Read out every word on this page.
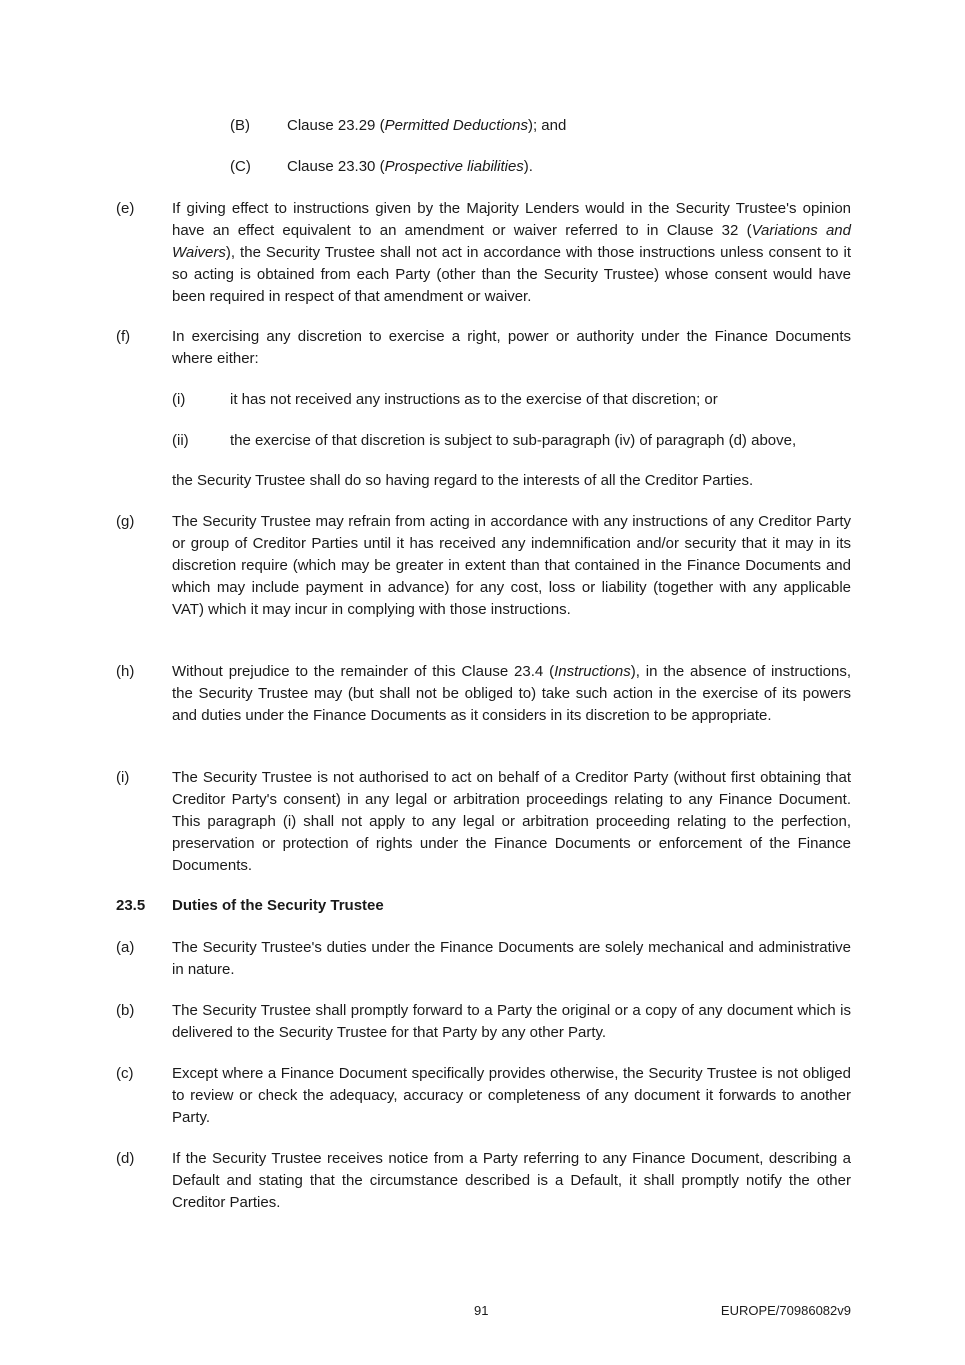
(B) Clause 23.29 (Permitted Deductions); and
(C) Clause 23.30 (Prospective liabilities).
(e)	If giving effect to instructions given by the Majority Lenders would in the Security Trustee's opinion have an effect equivalent to an amendment or waiver referred to in Clause 32 (Variations and Waivers), the Security Trustee shall not act in accordance with those instructions unless consent to it so acting is obtained from each Party (other than the Security Trustee) whose consent would have been required in respect of that amendment or waiver.
(f)	In exercising any discretion to exercise a right, power or authority under the Finance Documents where either:
(i)	it has not received any instructions as to the exercise of that discretion; or
(ii)	the exercise of that discretion is subject to sub-paragraph (iv) of paragraph (d) above,
the Security Trustee shall do so having regard to the interests of all the Creditor Parties.
(g)	The Security Trustee may refrain from acting in accordance with any instructions of any Creditor Party or group of Creditor Parties until it has received any indemnification and/or security that it may in its discretion require (which may be greater in extent than that contained in the Finance Documents and which may include payment in advance) for any cost, loss or liability (together with any applicable VAT) which it may incur in complying with those instructions.
(h)	Without prejudice to the remainder of this Clause 23.4 (Instructions), in the absence of instructions, the Security Trustee may (but shall not be obliged to) take such action in the exercise of its powers and duties under the Finance Documents as it considers in its discretion to be appropriate.
(i)	The Security Trustee is not authorised to act on behalf of a Creditor Party (without first obtaining that Creditor Party's consent) in any legal or arbitration proceedings relating to any Finance Document. This paragraph (i) shall not apply to any legal or arbitration proceeding relating to the perfection, preservation or protection of rights under the Finance Documents or enforcement of the Finance Documents.
23.5 Duties of the Security Trustee
(a)	The Security Trustee's duties under the Finance Documents are solely mechanical and administrative in nature.
(b)	The Security Trustee shall promptly forward to a Party the original or a copy of any document which is delivered to the Security Trustee for that Party by any other Party.
(c)	Except where a Finance Document specifically provides otherwise, the Security Trustee is not obliged to review or check the adequacy, accuracy or completeness of any document it forwards to another Party.
(d)	If the Security Trustee receives notice from a Party referring to any Finance Document, describing a Default and stating that the circumstance described is a Default, it shall promptly notify the other Creditor Parties.
91	EUROPE/70986082v9
